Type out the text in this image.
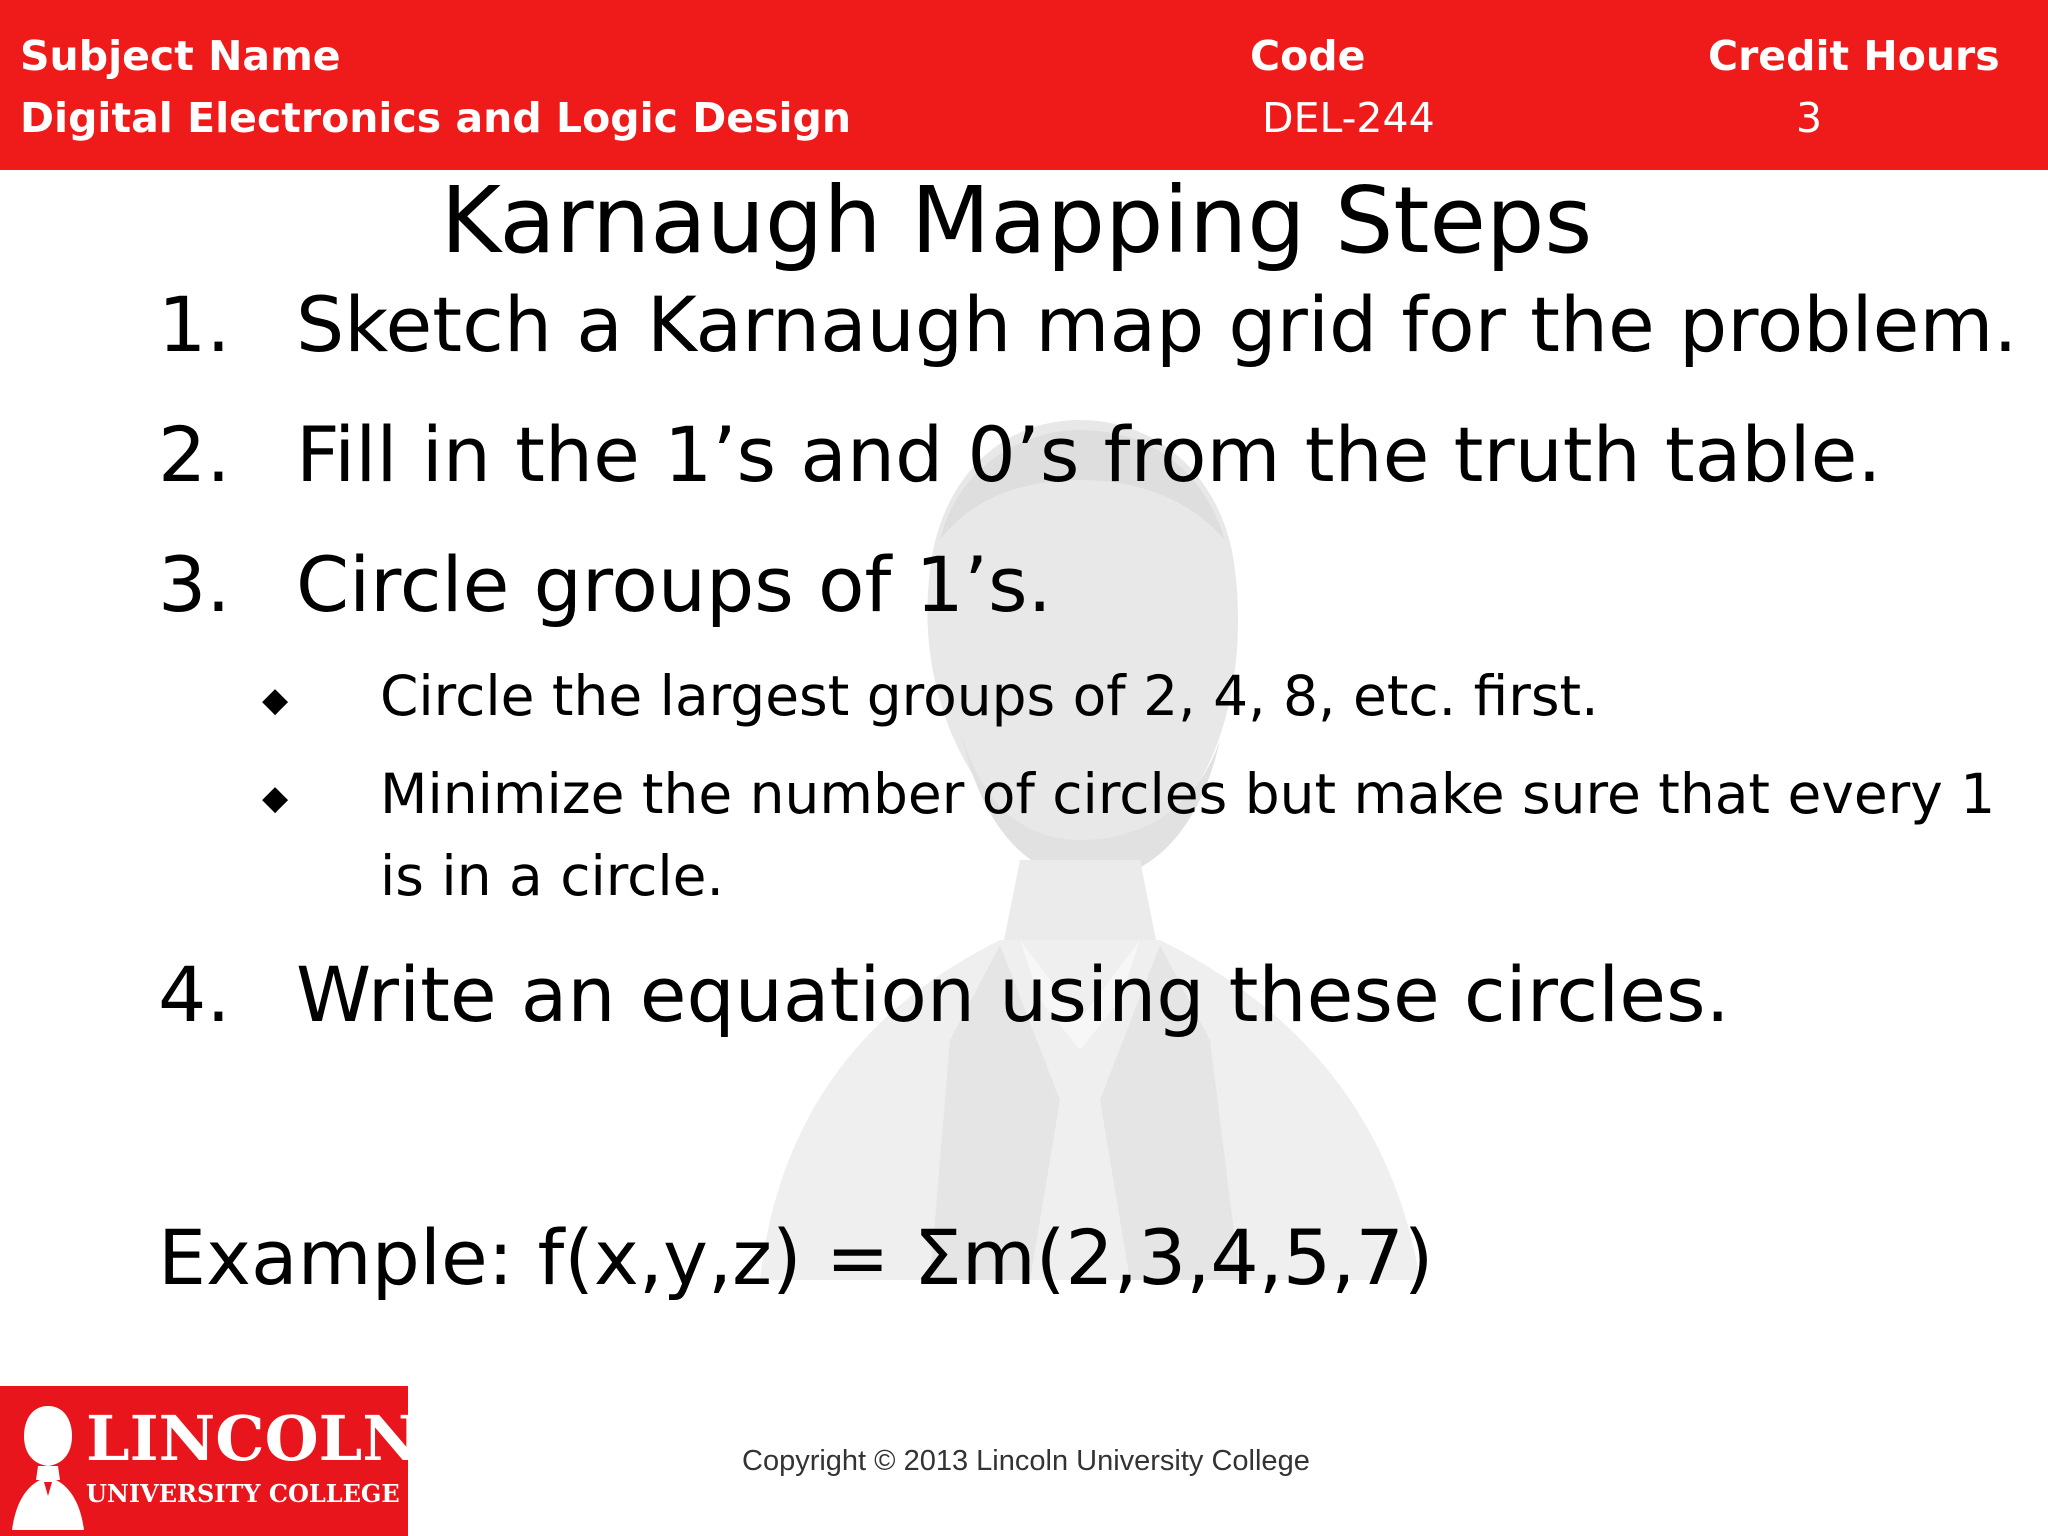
Subject Name
Digital Electronics and Logic Design
Code
DEL-244
Credit Hours
3
Karnaugh Mapping Steps
1. Sketch a Karnaugh map grid for the problem.
2. Fill in the 1’s and 0’s from the truth table.
3. Circle groups of 1’s.
◆ Circle the largest groups of 2, 4, 8, etc. first.
◆ Minimize the number of circles but make sure that every 1 is in a circle.
4. Write an equation using these circles.
Example: f(x,y,z) = Σm(2,3,4,5,7)
LINCOLN
UNIVERSITY COLLEGE
Copyright © 2013 Lincoln University College
